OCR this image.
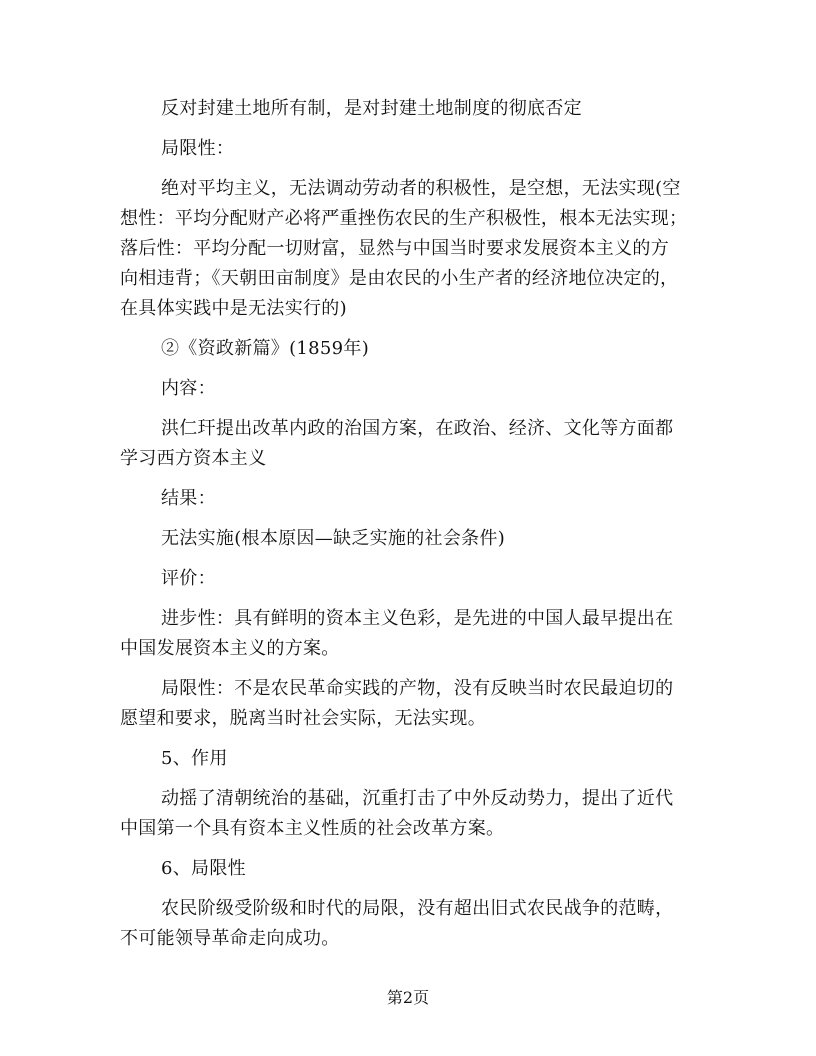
反对封建土地所有制，是对封建土地制度的彻底否定
局限性：
绝对平均主义，无法调动劳动者的积极性，是空想，无法实现(空
想性：平均分配财产必将严重挫伤农民的生产积极性，根本无法实现；
落后性：平均分配一切财富，显然与中国当时要求发展资本主义的方
向相违背；《天朝田亩制度》是由农民的小生产者的经济地位决定的，
在具体实践中是无法实行的)
②《资政新篇》(1859年)
内容：
洪仁玕提出改革内政的治国方案，在政治、经济、文化等方面都
学习西方资本主义
结果：
无法实施(根本原因—缺乏实施的社会条件)
评价：
进步性：具有鲜明的资本主义色彩，是先进的中国人最早提出在
中国发展资本主义的方案。
局限性：不是农民革命实践的产物，没有反映当时农民最迫切的
愿望和要求，脱离当时社会实际，无法实现。
5、作用
动摇了清朝统治的基础，沉重打击了中外反动势力，提出了近代
中国第一个具有资本主义性质的社会改革方案。
6、局限性
农民阶级受阶级和时代的局限，没有超出旧式农民战争的范畴，
不可能领导革命走向成功。
第2页
